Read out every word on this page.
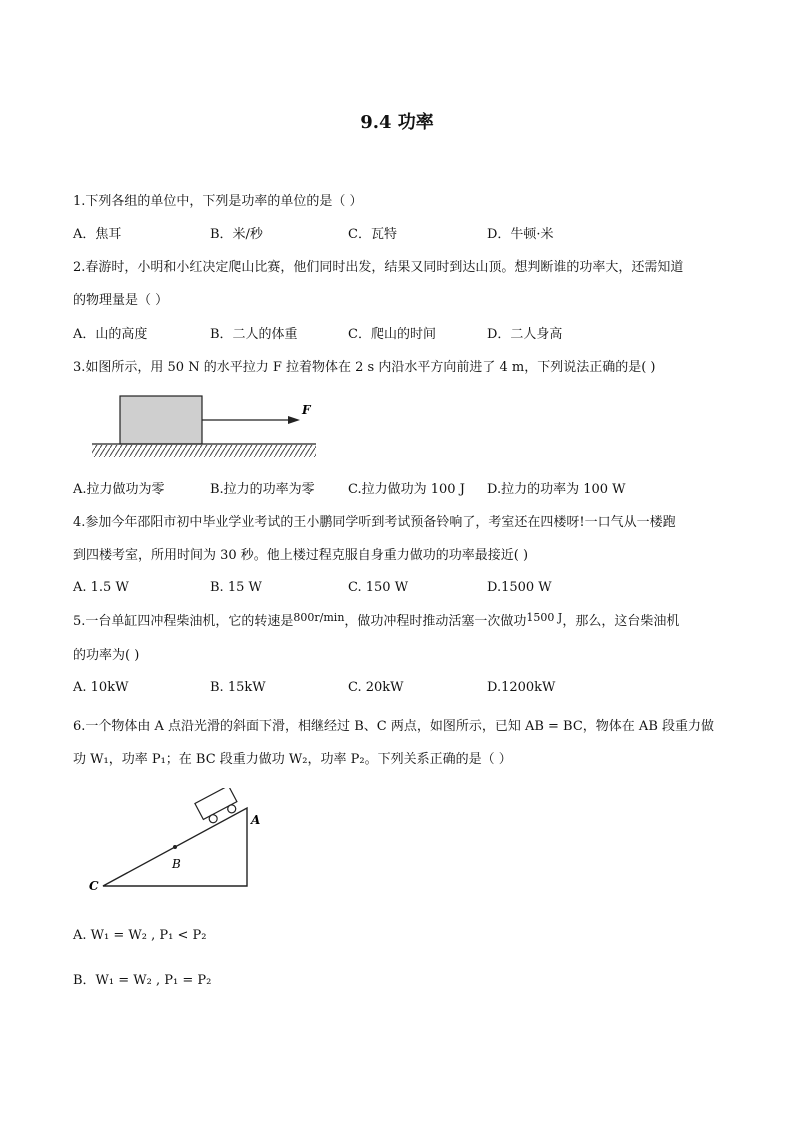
9.4 功率
1.下列各组的单位中，下列是功率的单位的是（ ）
A．焦耳	B．米/秒	C．瓦特	D．牛顿·米
2.春游时，小明和小红决定爬山比赛，他们同时出发，结果又同时到达山顶。想判断谁的功率大，还需知道
的物理量是（ ）
A．山的高度	B．二人的体重	C．爬山的时间	D．二人身高
3.如图所示，用 50 N 的水平拉力 F 拉着物体在 2 s 内沿水平方向前进了 4 m，下列说法正确的是( )
F
A.拉力做功为零	B.拉力的功率为零	C.拉力做功为 100 J D.拉力的功率为 100 W
4.参加今年邵阳市初中毕业学业考试的王小鹏同学听到考试预备铃响了，考室还在四楼呀!一口气从一楼跑
到四楼考室，所用时间为 30 秒。他上楼过程克服自身重力做功的功率最接近( )
A. 1.5 W	B. 15 W	C. 150 W	D.1500 W
5.一台单缸四冲程柴油机，它的转速是$^{800r/min}$，做功冲程时推动活塞一次做功$^{1500 J}$，那么，这台柴油机
的功率为( )
A. 10kW	B. 15kW	C. 20kW	D.1200kW
6.一个物体由 A 点沿光滑的斜面下滑，相继经过 B、C 两点，如图所示，已知 AB = BC，物体在 AB 段重力做
功 W₁，功率 P₁；在 BC 段重力做功 W₂，功率 P₂。下列关系正确的是（ ）
A
B
C
A. W₁ = W₂ , P₁ < P₂
B．W₁ = W₂ , P₁ = P₂
